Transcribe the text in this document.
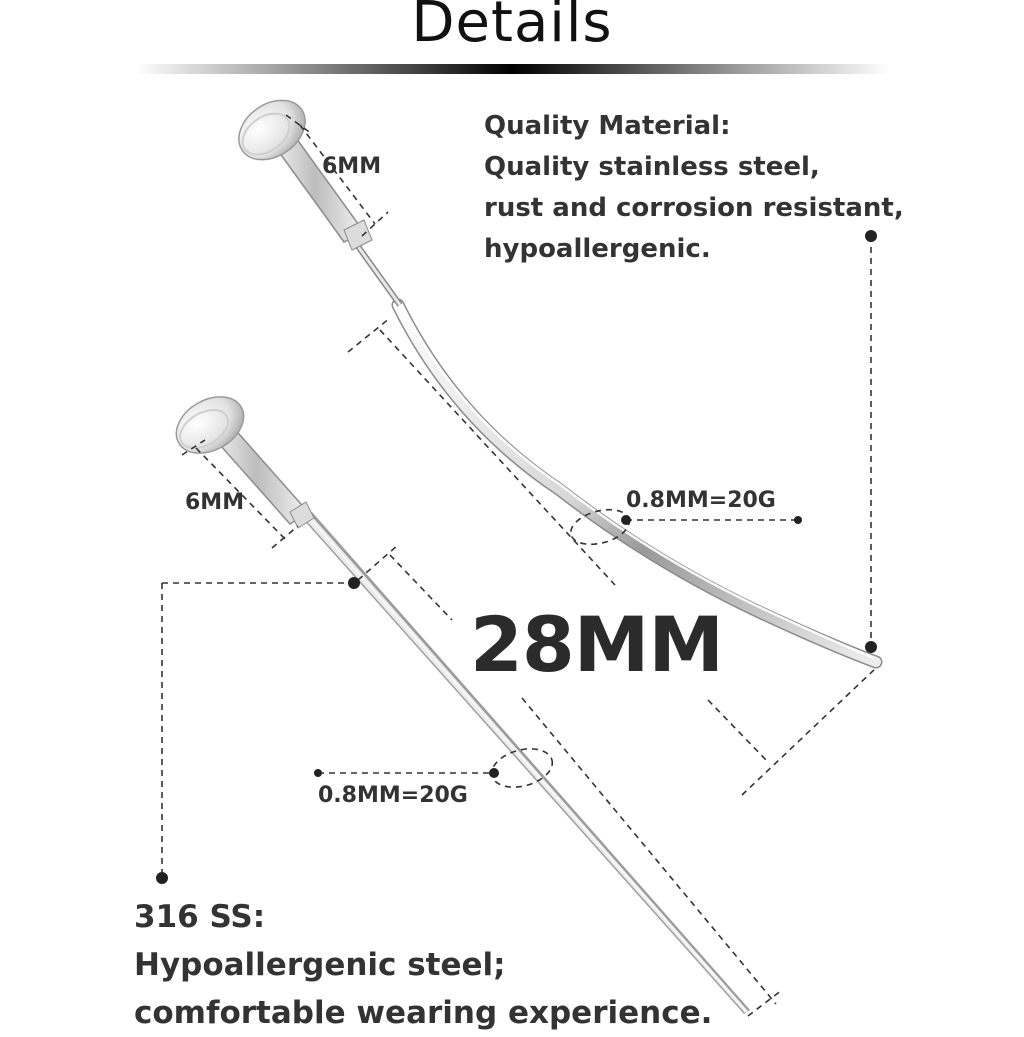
Details
Quality Material:
Quality stainless steel,
rust and corrosion resistant,
hypoallergenic.
6MM
6MM	0.8MM=20G
0.8MM=20G
28MM
316 SS:
Hypoallergenic steel;
comfortable wearing experience.
